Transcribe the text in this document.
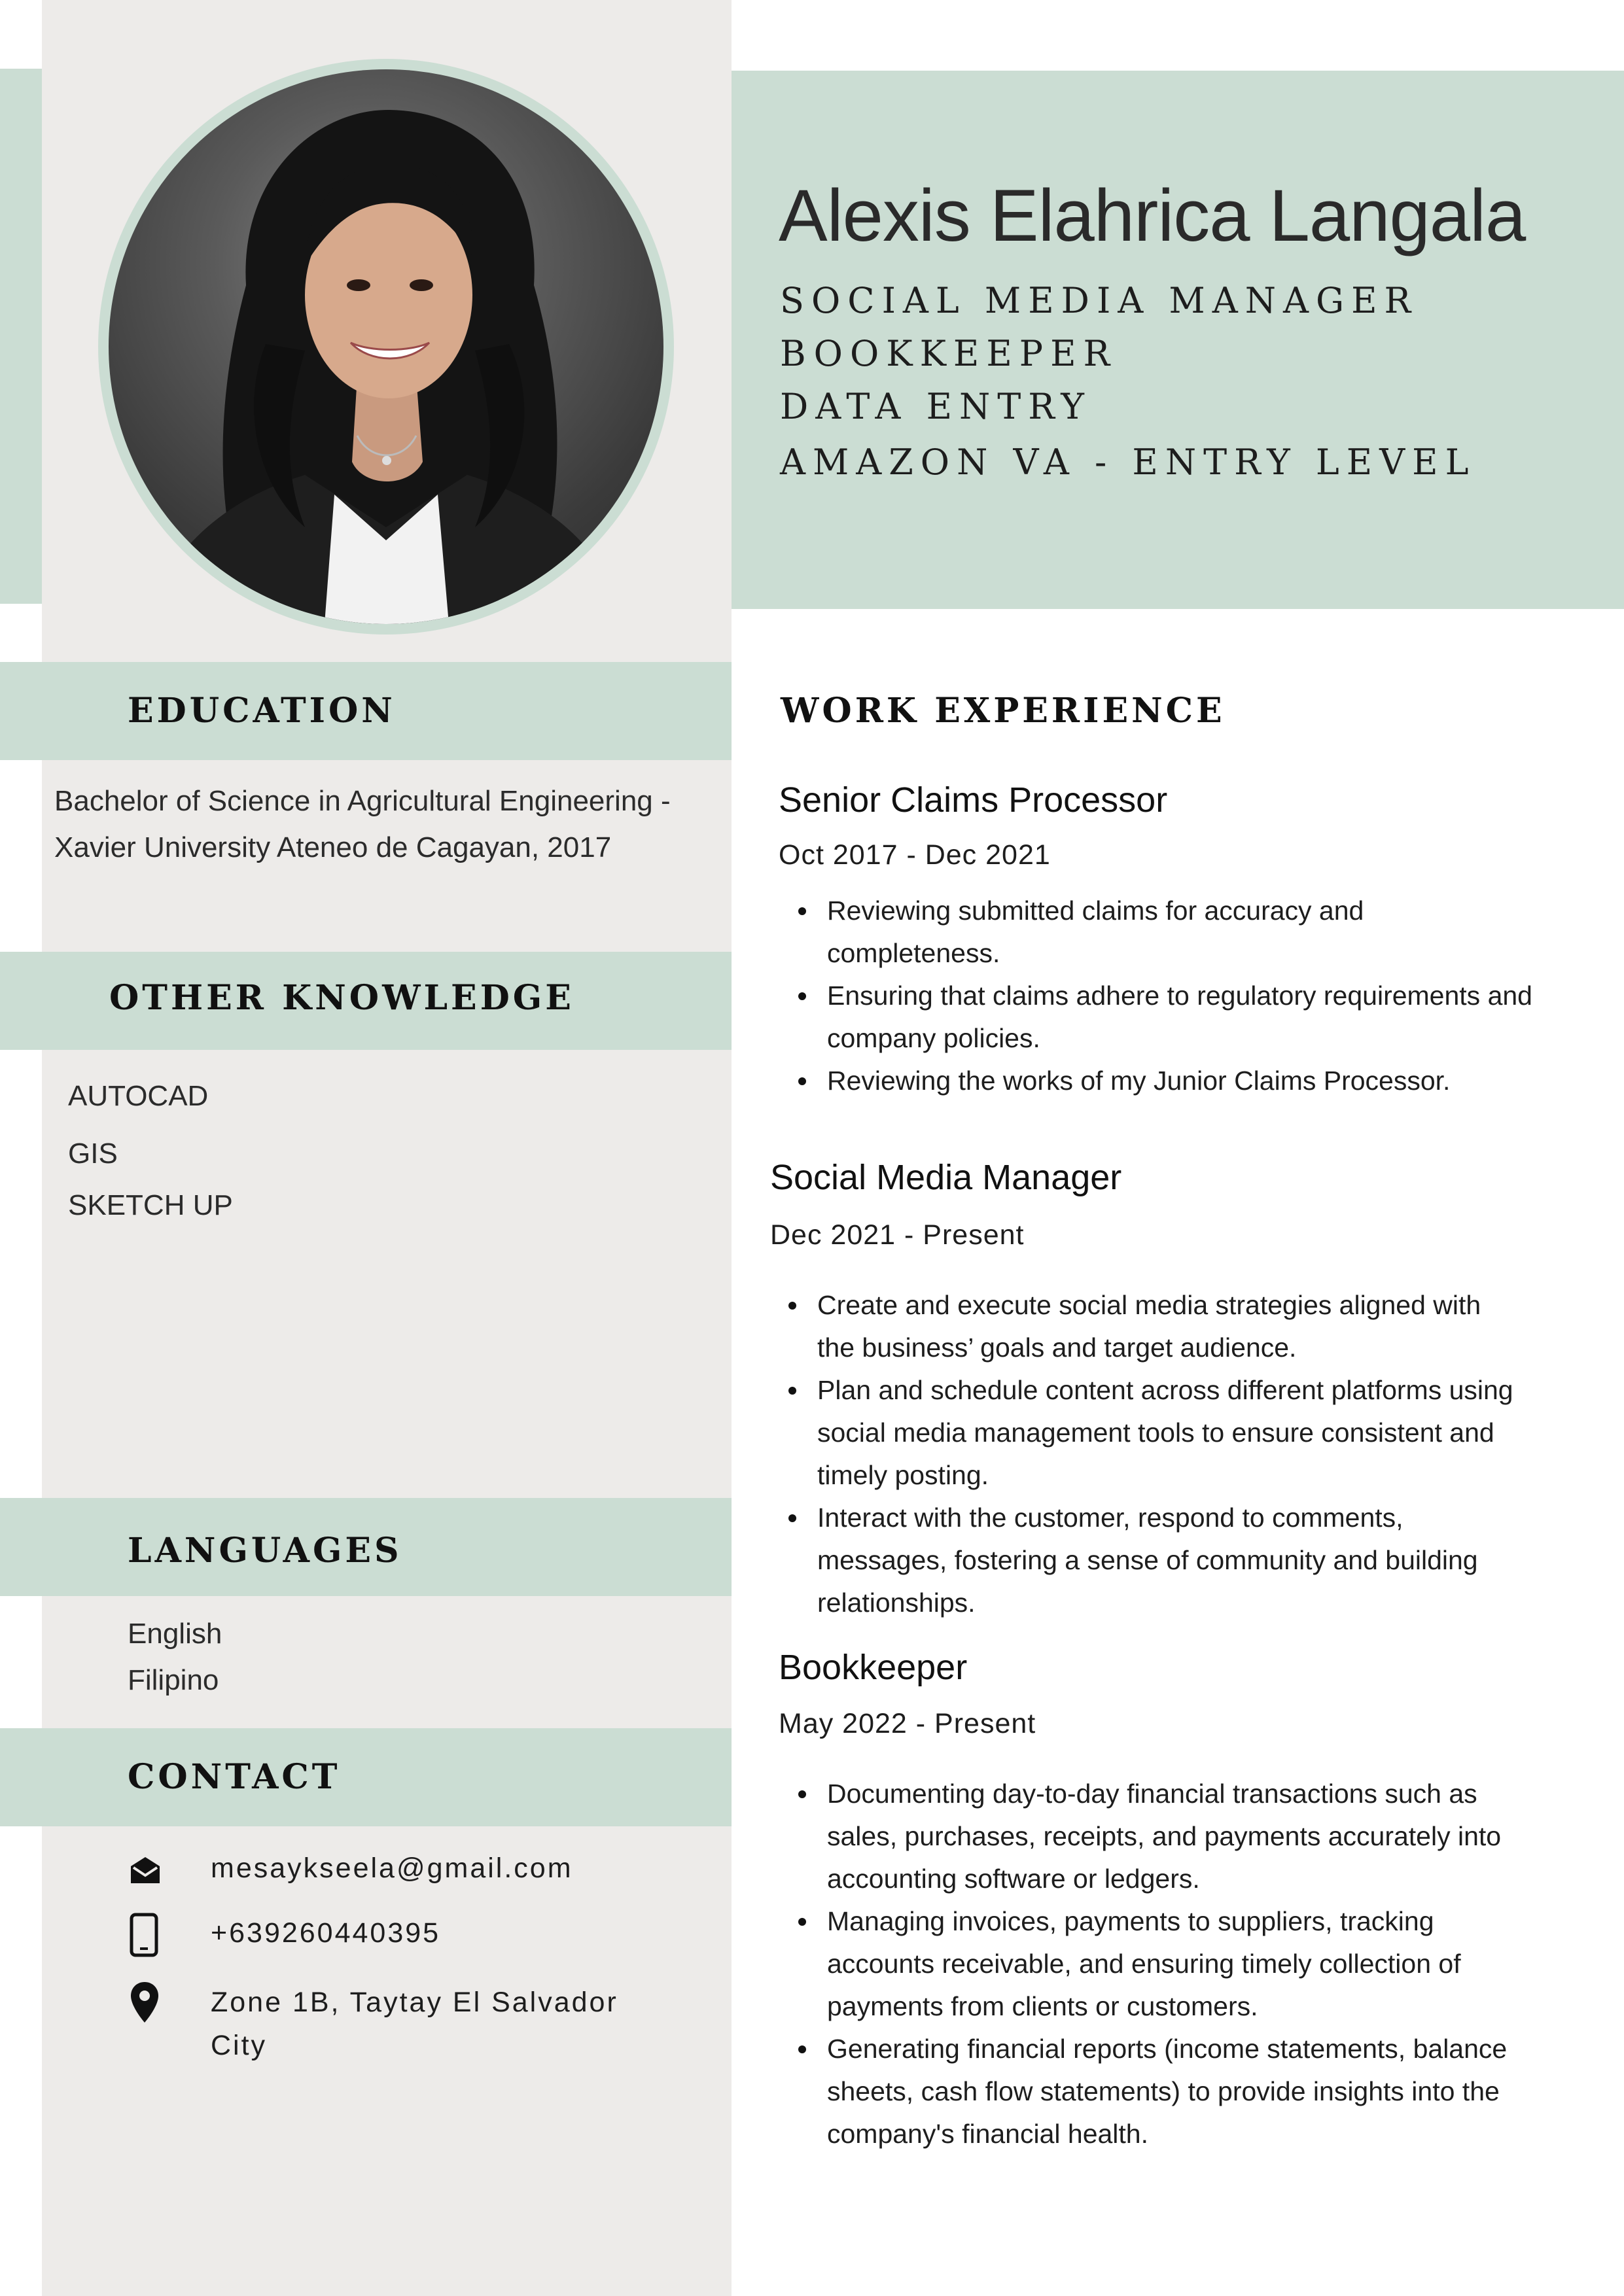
Alexis Elahrica Langala
SOCIAL MEDIA MANAGER
BOOKKEEPER
DATA ENTRY
AMAZON VA - ENTRY LEVEL
EDUCATION
Bachelor of Science in Agricultural Engineering - Xavier University Ateneo de Cagayan, 2017
OTHER KNOWLEDGE
AUTOCAD
GIS
SKETCH UP
LANGUAGES
English
Filipino
CONTACT
mesaykseela@gmail.com
+639260440395
Zone 1B, Taytay El Salvador City
WORK EXPERIENCE
Senior Claims Processor
Oct 2017 - Dec 2021
Reviewing submitted claims for accuracy and completeness.
Ensuring that claims adhere to regulatory requirements and company policies.
Reviewing the works of my Junior Claims Processor.
Social Media Manager
Dec 2021 - Present
Create and execute social media strategies aligned with the business’ goals and target audience.
Plan and schedule content across different platforms using social media management tools to ensure consistent and timely posting.
Interact with the customer, respond to comments, messages, fostering a sense of community and building relationships.
Bookkeeper
May 2022 - Present
Documenting day-to-day financial transactions such as sales, purchases, receipts, and payments accurately into accounting software or ledgers.
Managing invoices, payments to suppliers, tracking accounts receivable, and ensuring timely collection of payments from clients or customers.
Generating financial reports (income statements, balance sheets, cash flow statements) to provide insights into the company's financial health.
